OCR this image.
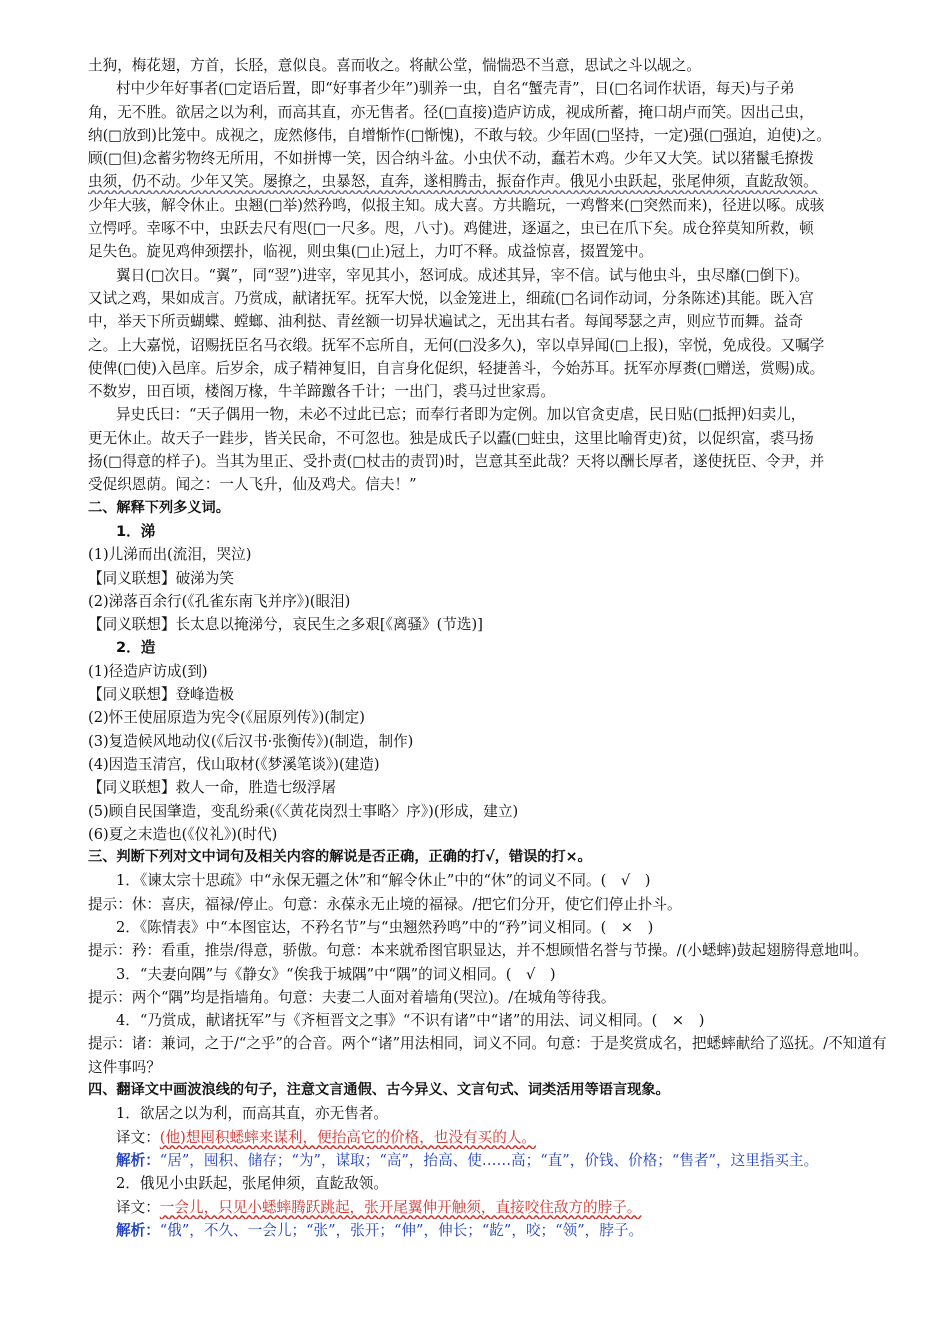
土狗，梅花翅，方首，长胫，意似良。喜而收之。将献公堂，惴惴恐不当意，思试之斗以觇之。
村中少年好事者(□定语后置，即“好事者少年”)驯养一虫，自名“蟹壳青”，日(□名词作状语，每天)与子弟
角，无不胜。欲居之以为利，而高其直，亦无售者。径(□直接)造庐访成，视成所蓄，掩口胡卢而笑。因出己虫，
纳(□放到)比笼中。成视之，庞然修伟，自增惭怍(□惭愧)，不敢与较。少年固(□坚持，一定)强(□强迫，迫使)之。
顾(□但)念蓄劣物终无所用，不如拼博一笑，因合纳斗盆。小虫伏不动，蠢若木鸡。少年又大笑。试以猪鬣毛撩拨
虫须，仍不动。少年又笑。屡撩之，虫暴怒，直奔，遂相腾击，振奋作声。俄见小虫跃起，张尾伸须，直龁敌领。
少年大骇，解令休止。虫翘(□举)然矜鸣，似报主知。成大喜。方共瞻玩，一鸡瞥来(□突然而来)，径进以啄。成骇
立愕呼。幸啄不中，虫跃去尺有咫(□一尺多。咫，八寸)。鸡健进，逐逼之，虫已在爪下矣。成仓猝莫知所救，顿
足失色。旋见鸡伸颈摆扑，临视，则虫集(□止)冠上，力叮不释。成益惊喜，掇置笼中。
翼日(□次日。“翼”，同“翌”)进宰，宰见其小，怒诃成。成述其异，宰不信。试与他虫斗，虫尽靡(□倒下)。
又试之鸡，果如成言。乃赏成，献诸抚军。抚军大悦，以金笼进上，细疏(□名词作动词，分条陈述)其能。既入宫
中，举天下所贡蝴蝶、螳螂、油利挞、青丝额一切异状遍试之，无出其右者。每闻琴瑟之声，则应节而舞。益奇
之。上大嘉悦，诏赐抚臣名马衣缎。抚军不忘所自，无何(□没多久)，宰以卓异闻(□上报)，宰悦，免成役。又嘱学
使俾(□使)入邑庠。后岁余，成子精神复旧，自言身化促织，轻捷善斗，今始苏耳。抚军亦厚赉(□赠送，赏赐)成。
不数岁，田百顷，楼阁万椽，牛羊蹄躈各千计；一出门，裘马过世家焉。
异史氏曰：“天子偶用一物，未必不过此已忘；而奉行者即为定例。加以官贪吏虐，民日贴(□抵押)妇卖儿，
更无休止。故天子一跬步，皆关民命，不可忽也。独是成氏子以蠹(□蛀虫，这里比喻胥吏)贫，以促织富，裘马扬
扬(□得意的样子)。当其为里正、受扑责(□杖击的责罚)时，岂意其至此哉？天将以酬长厚者，遂使抚臣、令尹，并
受促织恩荫。闻之：一人飞升，仙及鸡犬。信夫！”
二、解释下列多义词。
1．涕
(1)儿涕而出(流泪，哭泣)
【同义联想】破涕为笑
(2)涕落百余行(《孔雀东南飞并序》)(眼泪)
【同义联想】长太息以掩涕兮，哀民生之多艰[《离骚》(节选)]
2．造
(1)径造庐访成(到)
【同义联想】登峰造极
(2)怀王使屈原造为宪令(《屈原列传》)(制定)
(3)复造候风地动仪(《后汉书·张衡传》)(制造，制作)
(4)因造玉清宫，伐山取材(《梦溪笔谈》)(建造)
【同义联想】救人一命，胜造七级浮屠
(5)顾自民国肇造，变乱纷乘(《〈黄花岗烈士事略〉序》)(形成，建立)
(6)夏之末造也(《仪礼》)(时代)
三、判断下列对文中词句及相关内容的解说是否正确，正确的打√，错误的打×。
1．《谏太宗十思疏》中“永保无疆之休”和“解令休止”中的“休”的词义不同。(　√　)
提示：休：喜庆，福禄/停止。句意：永葆永无止境的福禄。/把它们分开，使它们停止扑斗。
2．《陈情表》中“本图宦达，不矜名节”与“虫翘然矜鸣”中的“矜”词义相同。(　×　)
提示：矜：看重，推崇/得意，骄傲。句意：本来就希图官职显达，并不想顾惜名誉与节操。/(小蟋蟀)鼓起翅膀得意地叫。
3．“夫妻向隅”与《静女》“俟我于城隅”中“隅”的词义相同。(　√　)
提示：两个“隅”均是指墙角。句意：夫妻二人面对着墙角(哭泣)。/在城角等待我。
4．“乃赏成，献诸抚军”与《齐桓晋文之事》“不识有诸”中“诸”的用法、词义相同。(　×　)
提示：诸：兼词，之于/“之乎”的合音。两个“诸”用法相同，词义不同。句意：于是奖赏成名，把蟋蟀献给了巡抚。/不知道有这件事吗？
四、翻译文中画波浪线的句子，注意文言通假、古今异义、文言句式、词类活用等语言现象。
1．欲居之以为利，而高其直，亦无售者。
译文：(他)想囤积蟋蟀来谋利，便抬高它的价格，也没有买的人。
解析：“居”，囤积、储存；“为”，谋取；“高”，抬高、使……高；“直”，价钱、价格；“售者”，这里指买主。
2．俄见小虫跃起，张尾伸须，直龁敌领。
译文：一会儿，只见小蟋蟀腾跃跳起，张开尾翼伸开触须，直接咬住敌方的脖子。
解析：“俄”，不久、一会儿；“张”，张开；“伸”，伸长；“龁”，咬；“领”，脖子。
